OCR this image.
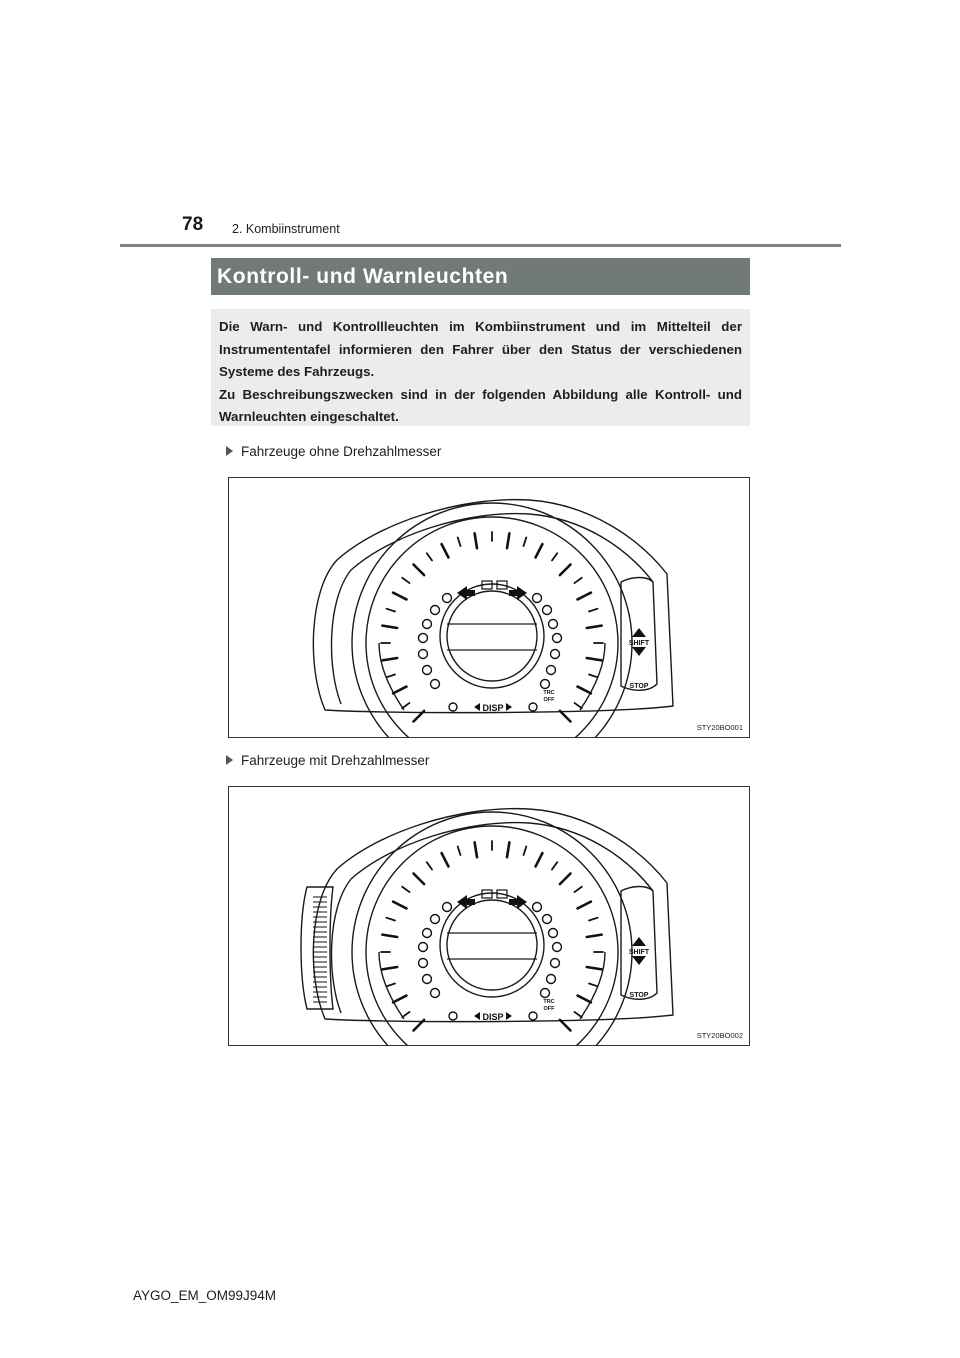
78 2. Kombiinstrument
Kontroll- und Warnleuchten

Die Warn- und Kontrollleuchten im Kombiinstrument und im Mittelteil der Instrumententafel informieren den Fahrer über den Status der verschiedenen Systeme des Fahrzeugs.

Zu Beschreibungszwecken sind in der folgenden Abbildung alle Kontroll- und Warnleuchten eingeschaltet.

Fahrzeuge ohne Drehzahlmesser
DISP
TRC
OFF
SHIFT
STOP
STY20BO001
Fahrzeuge mit Drehzahlmesser
DISP
TRC
OFF
SHIFT
STOP
STY20BO002
AYGO_EM_OM99J94M
